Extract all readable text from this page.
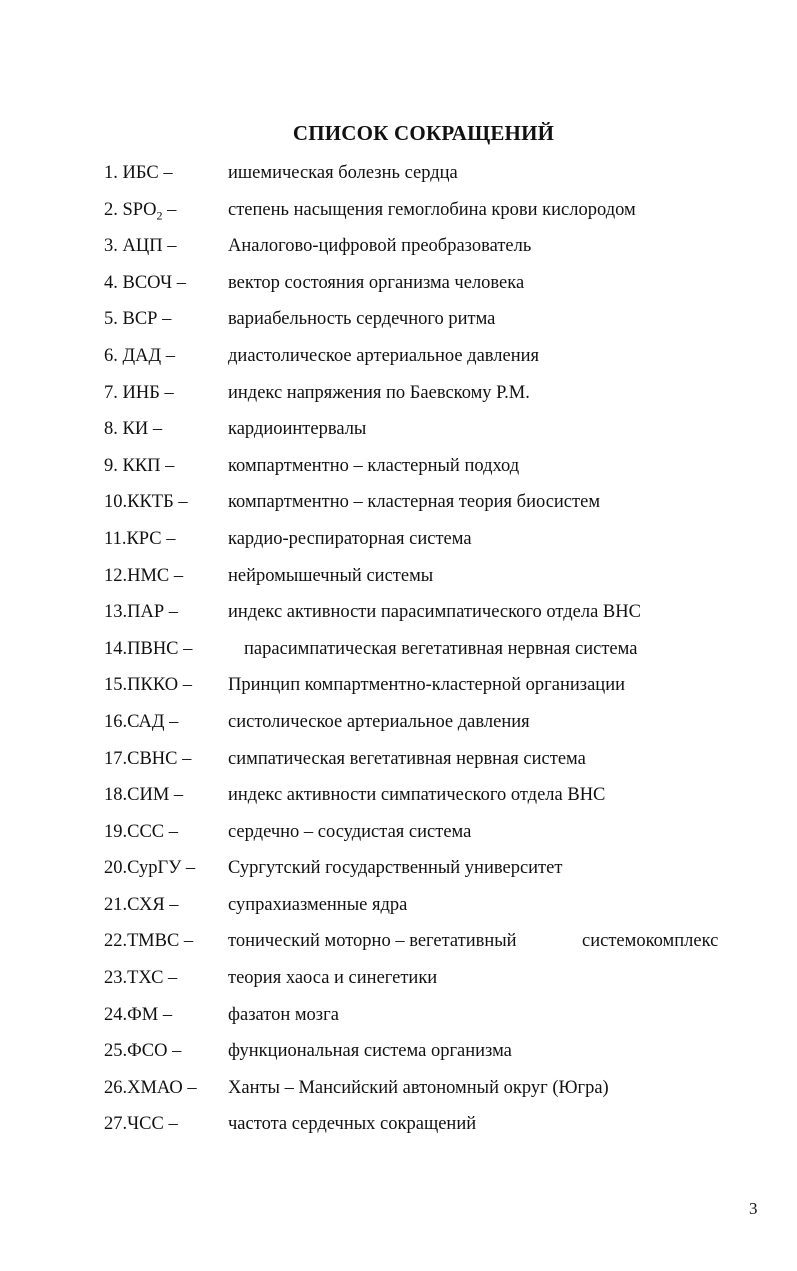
СПИСОК СОКРАЩЕНИЙ
1. ИБС –	ишемическая болезнь сердца
2. $SPO_2$ –	степень насыщения гемоглобина крови кислородом
3. АЦП –	Аналогово-цифровой преобразователь
4. ВСОЧ – вектор состояния организма человека
5. ВСР –	вариабельность сердечного ритма
6. ДАД –	диастолическое артериальное давления
7. ИНБ –	индекс напряжения по Баевскому Р.М.
8. КИ –	кардиоинтервалы
9. ККП –	компартментно – кластерный подход
10.ККТБ – компартментно – кластерная теория биосистем
11.КРС –	кардио-респираторная система
12.НМС – нейромышечный системы
13.ПАР –	индекс активности парасимпатического отдела ВНС
14.ПВНС –	парасимпатическая вегетативная нервная система
15.ПККО – Принцип компартментно-кластерной организации
16.САД –	систолическое артериальное давления
17.СВНС – симпатическая вегетативная нервная система
18.СИМ – индекс активности симпатического отдела ВНС
19.ССС –	сердечно – сосудистая система
20.СурГУ – Сургутский государственный университет
21.СХЯ –	супрахиазменные ядра
22.ТМВС – тонический моторно – вегетативный	системокомплекс
23.ТХС –	теория хаоса и синегетики
24.ФМ –	фазатон мозга
25.ФСО –	функциональная система организма
26.ХМАО – Ханты – Мансийский автономный округ (Югра)
27.ЧСС –	частота сердечных сокращений
3
